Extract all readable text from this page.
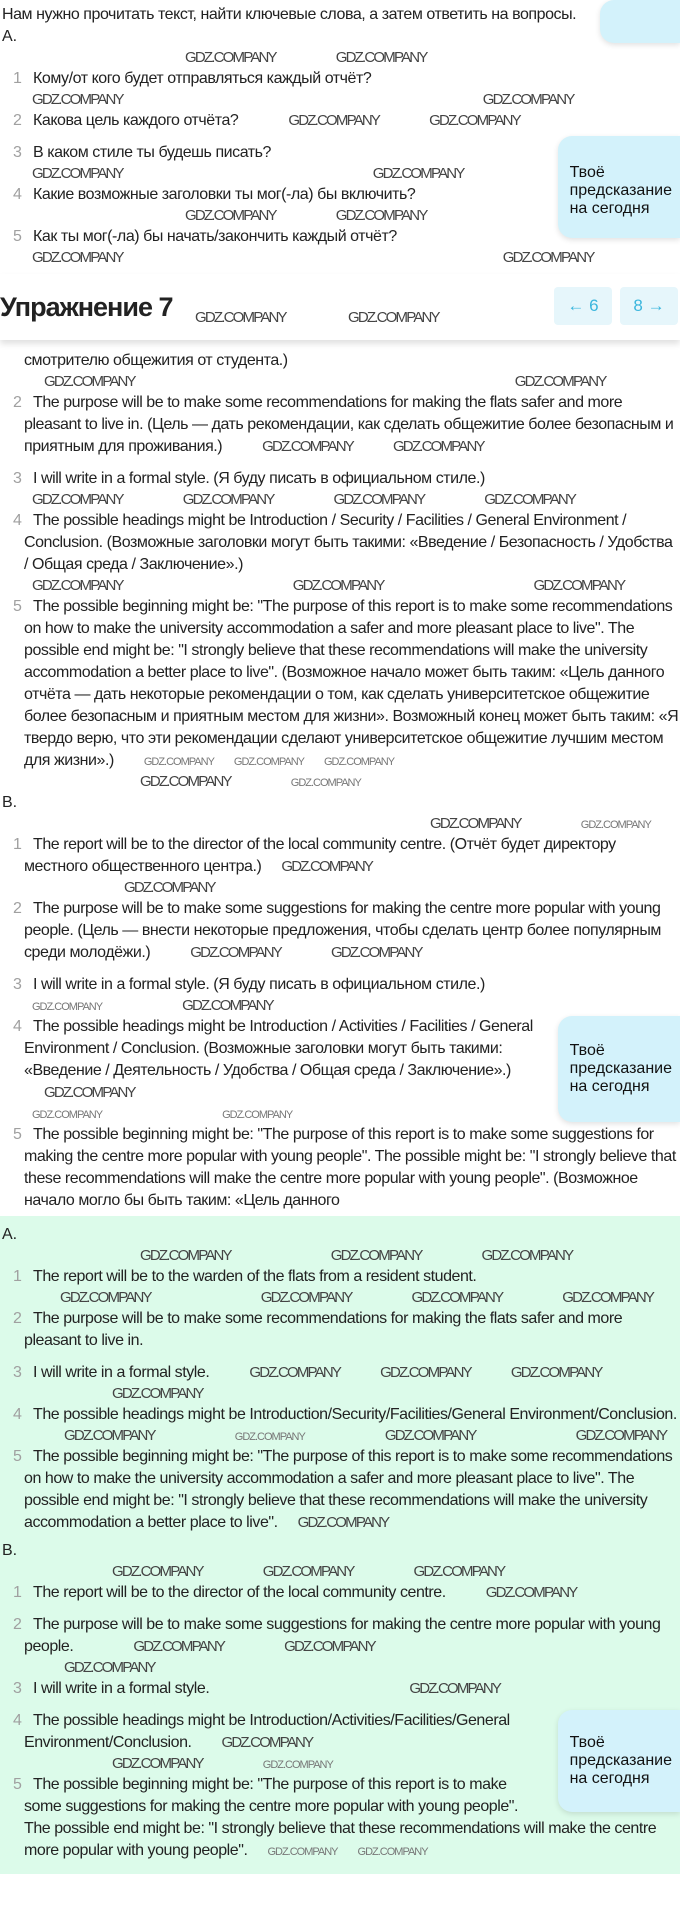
Нам нужно прочитать текст, найти ключевые слова, а затем ответить на вопросы.
A.
GDZ.COMPANY	GDZ.COMPANY
1 Кому/от кого будет отправляться каждый отчёт?
GDZ.COMPANY	GDZ.COMPANY
2 Какова цель каждого отчёта?	GDZ.COMPANY	GDZ.COMPANY
Твоё
предсказание
на сегодня
3 В каком стиле ты будешь писать?
GDZ.COMPANY	GDZ.COMPANY
4 Какие возможные заголовки ты мог(-ла) бы включить?
GDZ.COMPANY	GDZ.COMPANY
5 Как ты мог(-ла) бы начать/закончить каждый отчёт?
GDZ.COMPANY	GDZ.COMPANY
Упражнение 7 GDZ.COMPANY	GDZ.COMPANY
← 6	8 →
смотрителю общежития от студента.)
GDZ.COMPANY	GDZ.COMPANY
2 The purpose will be to make some recommendations for making the flats safer and more pleasant to live in. (Цель — дать рекомендации, как сделать общежитие более безопасным и приятным для проживания.)	GDZ.COMPANY	GDZ.COMPANY
3 I will write in a formal style. (Я буду писать в официальном стиле.)
GDZ.COMPANY	GDZ.COMPANY	GDZ.COMPANY	GDZ.COMPANY
4 The possible headings might be Introduction / Security / Facilities / General Environment / Conclusion. (Возможные заголовки могут быть такими: «Введение / Безопасность / Удобства / Общая среда / Заключение».)
GDZ.COMPANY	GDZ.COMPANY	GDZ.COMPANY
5 The possible beginning might be: "The purpose of this report is to make some recommendations on how to make the university accommodation a safer and more pleasant place to live". The possible end might be: "I strongly believe that these recommendations will make the university accommodation a better place to live". (Возможное начало может быть таким: «Цель данного отчёта — дать некоторые рекомендации о том, как сделать университетское общежитие более безопасным и приятным местом для жизни». Возможный конец может быть таким: «Я твердо верю, что эти рекомендации сделают университетское общежитие лучшим местом для жизни».)	GDZ.COMPANY GDZ.COMPANY GDZ.COMPANY
GDZ.COMPANY	GDZ.COMPANY
B.
GDZ.COMPANY	GDZ.COMPANY
1 The report will be to the director of the local community centre. (Отчёт будет директору местного общественного центра.) GDZ.COMPANY
GDZ.COMPANY
2 The purpose will be to make some suggestions for making the centre more popular with young people. (Цель — внести некоторые предложения, чтобы сделать центр более популярным среди молодёжи.)	GDZ.COMPANY	GDZ.COMPANY
3 I will write in a formal style. (Я буду писать в официальном стиле.)
GDZ.COMPANY	GDZ.COMPANY
Твоё
предсказание
на сегодня
4 The possible headings might be Introduction / Activities / Facilities / General Environment / Conclusion. (Возможные заголовки могут быть такими: «Введение / Деятельность / Удобства / Общая среда / Заключение».)GDZ.COMPANY
GDZ.COMPANY	GDZ.COMPANY
5 The possible beginning might be: "The purpose of this report is to make some suggestions for making the centre more popular with young people". The possible might be: "I strongly believe that these recommendations will make the centre more popular with young people". (Возможное начало могло бы быть таким: «Цель данного
A.
GDZ.COMPANY	GDZ.COMPANY	GDZ.COMPANY
1 The report will be to the warden of the flats from a resident student.
GDZ.COMPANY	GDZ.COMPANY	GDZ.COMPANY	GDZ.COMPANY
2 The purpose will be to make some recommendations for making the flats safer and more pleasant to live in.
3 I will write in a formal style.	GDZ.COMPANY	GDZ.COMPANY	GDZ.COMPANY
GDZ.COMPANY
4 The possible headings might be Introduction/Security/Facilities/General Environment/Conclusion.
GDZ.COMPANY	GDZ.COMPANY	GDZ.COMPANY	GDZ.COMPANY
5 The possible beginning might be: "The purpose of this report is to make some recommendations on how to make the university accommodation a safer and more pleasant place to live". The possible end might be: "I strongly believe that these recommendations will make the university accommodation a better place to live". GDZ.COMPANY
B.
GDZ.COMPANY	GDZ.COMPANY	GDZ.COMPANY
1 The report will be to the director of the local community centre.	GDZ.COMPANY
2 The purpose will be to make some suggestions for making the centre more popular with young people.	GDZ.COMPANY	GDZ.COMPANY
GDZ.COMPANY
3 I will write in a formal style.	GDZ.COMPANY
Твоё
предсказание
на сегодня
4 The possible headings might be Introduction/Activities/Facilities/General Environment/Conclusion. GDZ.COMPANY
GDZ.COMPANY	GDZ.COMPANY
5 The possible beginning might be: "The purpose of this report is to make some suggestions for making the centre more popular with young people". The possible end might be: "I strongly believe that these recommendations will make the centre more popular with young people". GDZ.COMPANY GDZ.COMPANY
